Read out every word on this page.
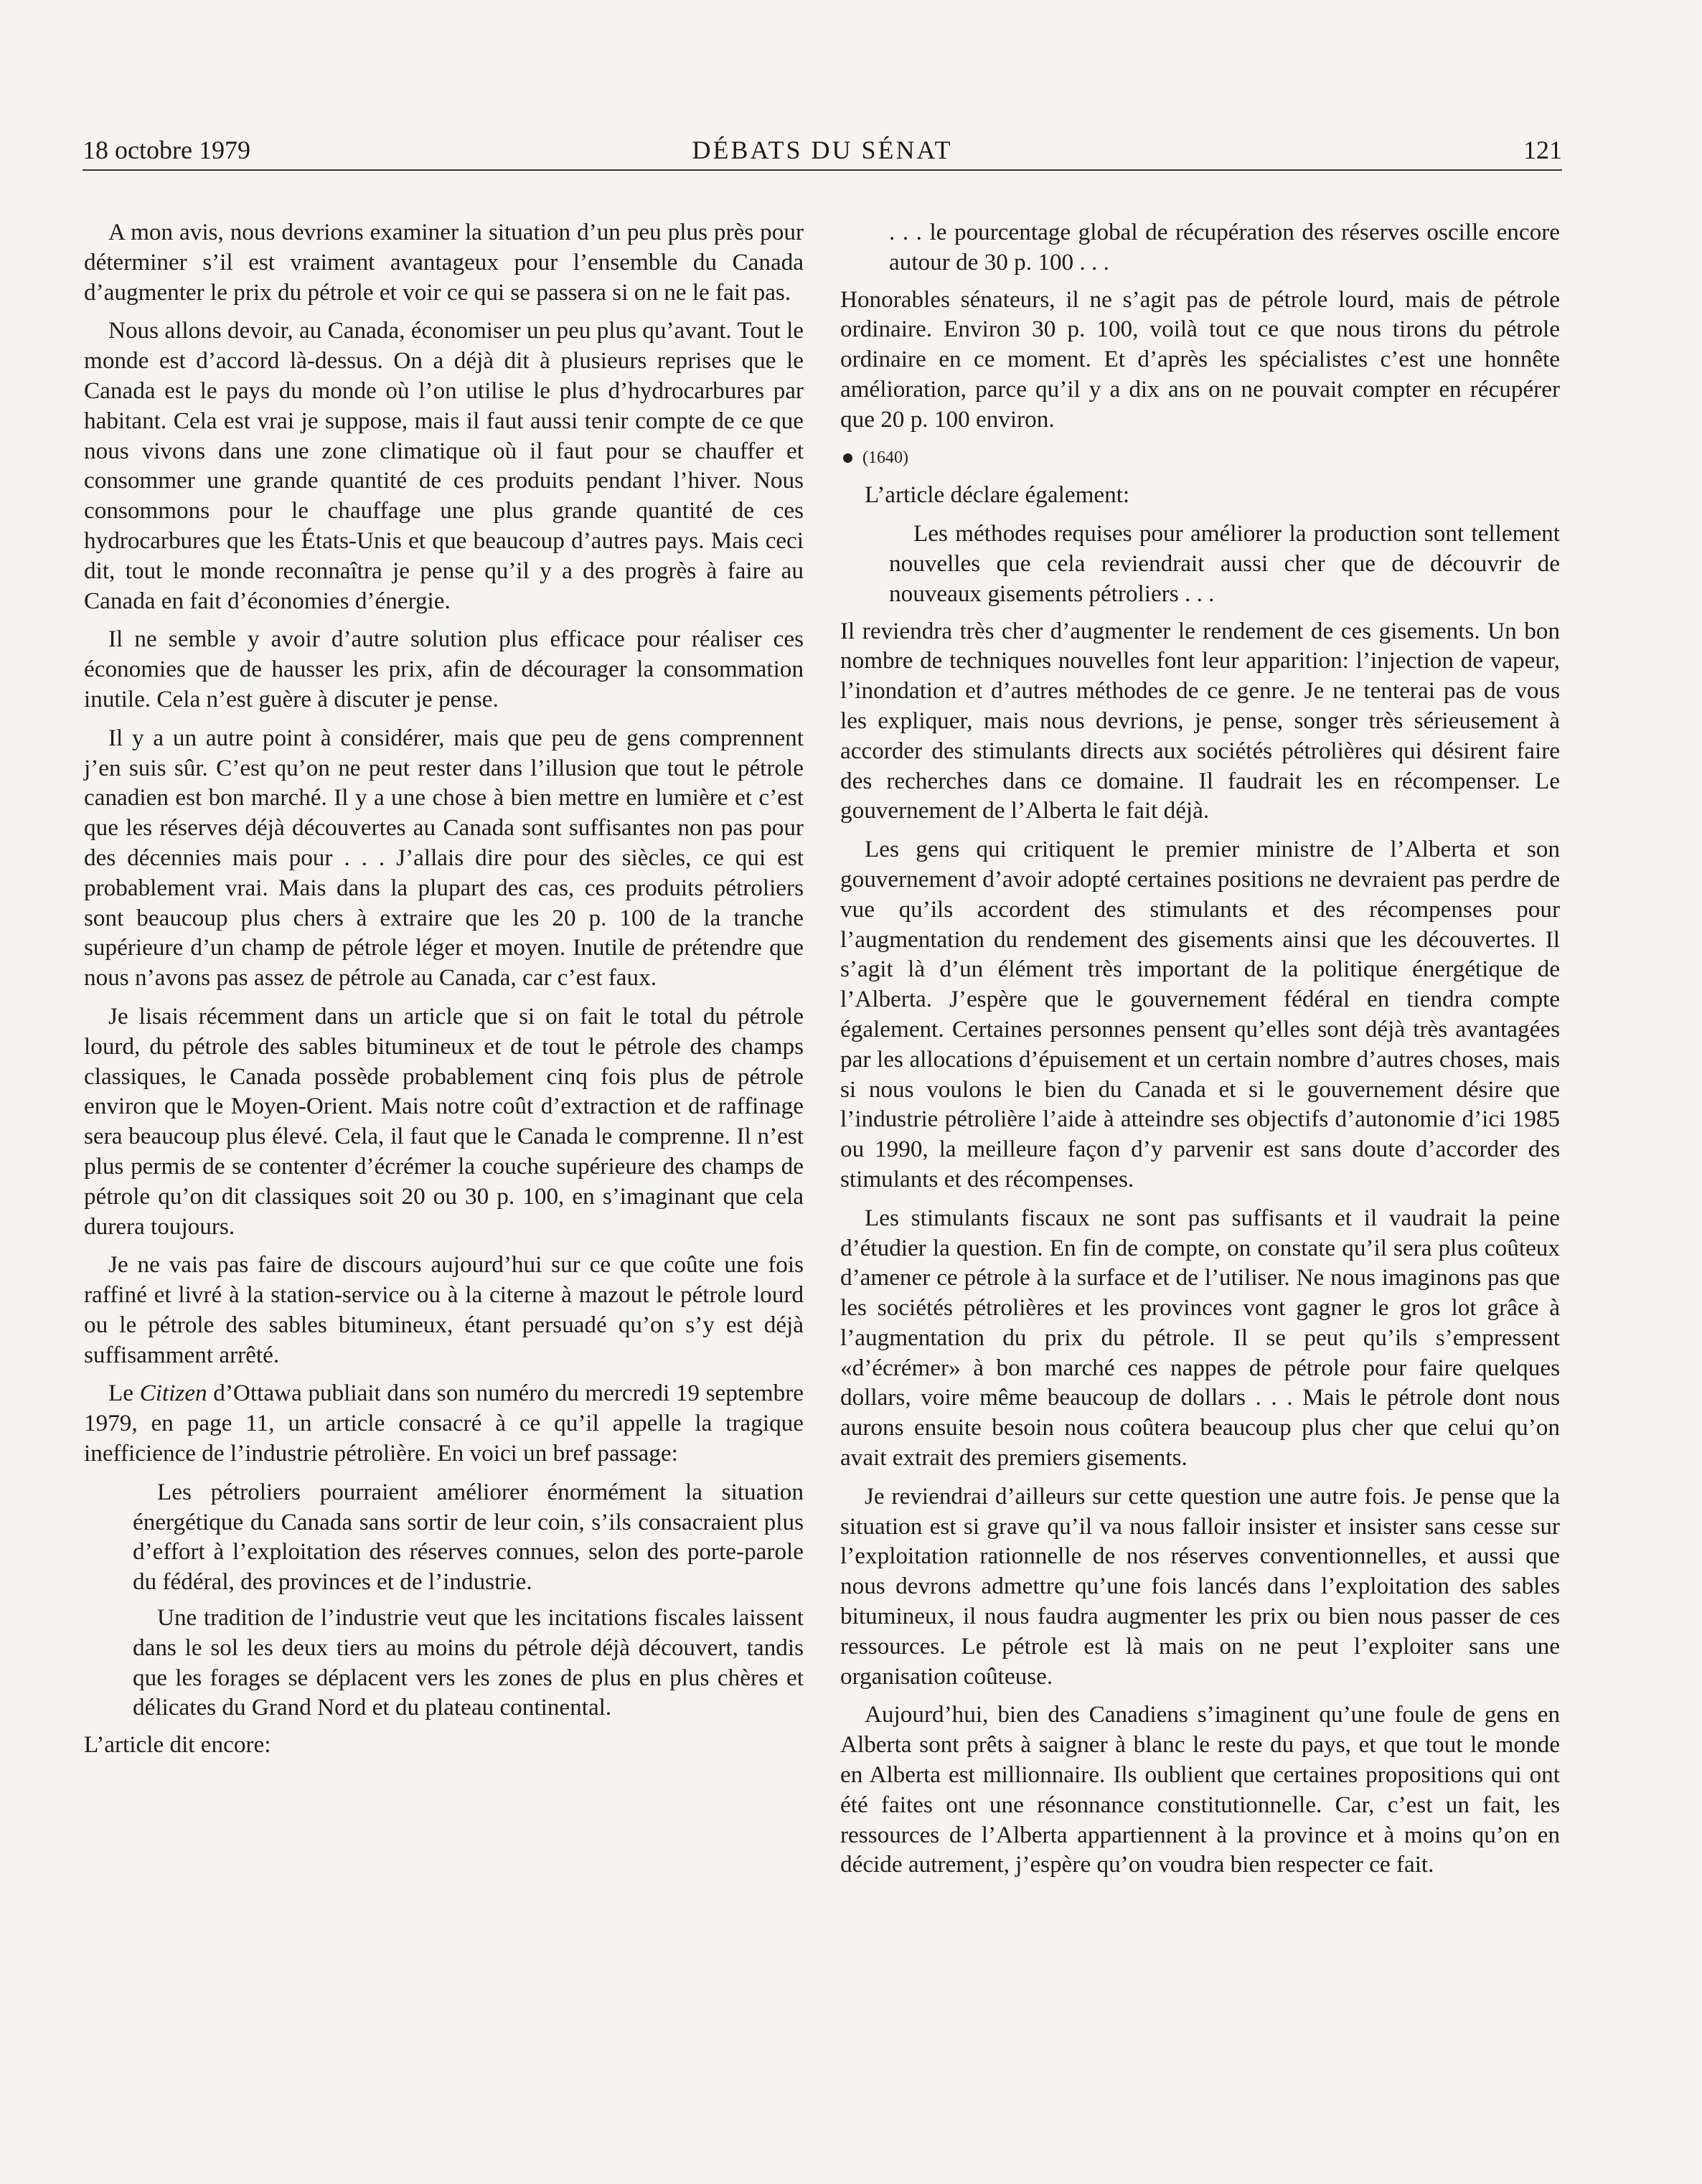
18 octobre 1979	DÉBATS DU SÉNAT	121

A mon avis, nous devrions examiner la situation d’un peu plus près pour déterminer s’il est vraiment avantageux pour l’ensemble du Canada d’augmenter le prix du pétrole et voir ce qui se passera si on ne le fait pas.

Nous allons devoir, au Canada, économiser un peu plus qu’avant. Tout le monde est d’accord là-dessus. On a déjà dit à plusieurs reprises que le Canada est le pays du monde où l’on utilise le plus d’hydrocarbures par habitant. Cela est vrai je suppose, mais il faut aussi tenir compte de ce que nous vivons dans une zone climatique où il faut pour se chauffer et consommer une grande quantité de ces produits pendant l’hiver. Nous consommons pour le chauffage une plus grande quantité de ces hydrocarbures que les États-Unis et que beaucoup d’autres pays. Mais ceci dit, tout le monde reconnaîtra je pense qu’il y a des progrès à faire au Canada en fait d’économies d’énergie.

Il ne semble y avoir d’autre solution plus efficace pour réaliser ces économies que de hausser les prix, afin de décourager la consommation inutile. Cela n’est guère à discuter je pense.

Il y a un autre point à considérer, mais que peu de gens comprennent j’en suis sûr. C’est qu’on ne peut rester dans l’illusion que tout le pétrole canadien est bon marché. Il y a une chose à bien mettre en lumière et c’est que les réserves déjà découvertes au Canada sont suffisantes non pas pour des décennies mais pour . . . J’allais dire pour des siècles, ce qui est probablement vrai. Mais dans la plupart des cas, ces produits pétroliers sont beaucoup plus chers à extraire que les 20 p. 100 de la tranche supérieure d’un champ de pétrole léger et moyen. Inutile de prétendre que nous n’avons pas assez de pétrole au Canada, car c’est faux.

Je lisais récemment dans un article que si on fait le total du pétrole lourd, du pétrole des sables bitumineux et de tout le pétrole des champs classiques, le Canada possède probablement cinq fois plus de pétrole environ que le Moyen-Orient. Mais notre coût d’extraction et de raffinage sera beaucoup plus élevé. Cela, il faut que le Canada le comprenne. Il n’est plus permis de se contenter d’écrémer la couche supérieure des champs de pétrole qu’on dit classiques soit 20 ou 30 p. 100, en s’imaginant que cela durera toujours.

Je ne vais pas faire de discours aujourd’hui sur ce que coûte une fois raffiné et livré à la station-service ou à la citerne à mazout le pétrole lourd ou le pétrole des sables bitumineux, étant persuadé qu’on s’y est déjà suffisamment arrêté.

Le Citizen d’Ottawa publiait dans son numéro du mercredi 19 septembre 1979, en page 11, un article consacré à ce qu’il appelle la tragique inefficience de l’industrie pétrolière. En voici un bref passage:

Les pétroliers pourraient améliorer énormément la situation énergétique du Canada sans sortir de leur coin, s’ils consacraient plus d’effort à l’exploitation des réserves connues, selon des porte-parole du fédéral, des provinces et de l’industrie.

Une tradition de l’industrie veut que les incitations fiscales laissent dans le sol les deux tiers au moins du pétrole déjà découvert, tandis que les forages se déplacent vers les zones de plus en plus chères et délicates du Grand Nord et du plateau continental.

L’article dit encore:

. . . le pourcentage global de récupération des réserves oscille encore autour de 30 p. 100 . . .

Honorables sénateurs, il ne s’agit pas de pétrole lourd, mais de pétrole ordinaire. Environ 30 p. 100, voilà tout ce que nous tirons du pétrole ordinaire en ce moment. Et d’après les spécialistes c’est une honnête amélioration, parce qu’il y a dix ans on ne pouvait compter en récupérer que 20 p. 100 environ.

(1640)

L’article déclare également:

Les méthodes requises pour améliorer la production sont tellement nouvelles que cela reviendrait aussi cher que de découvrir de nouveaux gisements pétroliers . . .

Il reviendra très cher d’augmenter le rendement de ces gisements. Un bon nombre de techniques nouvelles font leur apparition: l’injection de vapeur, l’inondation et d’autres méthodes de ce genre. Je ne tenterai pas de vous les expliquer, mais nous devrions, je pense, songer très sérieusement à accorder des stimulants directs aux sociétés pétrolières qui désirent faire des recherches dans ce domaine. Il faudrait les en récompenser. Le gouvernement de l’Alberta le fait déjà.

Les gens qui critiquent le premier ministre de l’Alberta et son gouvernement d’avoir adopté certaines positions ne devraient pas perdre de vue qu’ils accordent des stimulants et des récompenses pour l’augmentation du rendement des gisements ainsi que les découvertes. Il s’agit là d’un élément très important de la politique énergétique de l’Alberta. J’espère que le gouvernement fédéral en tiendra compte également. Certaines personnes pensent qu’elles sont déjà très avantagées par les allocations d’épuisement et un certain nombre d’autres choses, mais si nous voulons le bien du Canada et si le gouvernement désire que l’industrie pétrolière l’aide à atteindre ses objectifs d’autonomie d’ici 1985 ou 1990, la meilleure façon d’y parvenir est sans doute d’accorder des stimulants et des récompenses.

Les stimulants fiscaux ne sont pas suffisants et il vaudrait la peine d’étudier la question. En fin de compte, on constate qu’il sera plus coûteux d’amener ce pétrole à la surface et de l’utiliser. Ne nous imaginons pas que les sociétés pétrolières et les provinces vont gagner le gros lot grâce à l’augmentation du prix du pétrole. Il se peut qu’ils s’empressent «d’écrémer» à bon marché ces nappes de pétrole pour faire quelques dollars, voire même beaucoup de dollars . . . Mais le pétrole dont nous aurons ensuite besoin nous coûtera beaucoup plus cher que celui qu’on avait extrait des premiers gisements.

Je reviendrai d’ailleurs sur cette question une autre fois. Je pense que la situation est si grave qu’il va nous falloir insister et insister sans cesse sur l’exploitation rationnelle de nos réserves conventionnelles, et aussi que nous devrons admettre qu’une fois lancés dans l’exploitation des sables bitumineux, il nous faudra augmenter les prix ou bien nous passer de ces ressources. Le pétrole est là mais on ne peut l’exploiter sans une organisation coûteuse.

Aujourd’hui, bien des Canadiens s’imaginent qu’une foule de gens en Alberta sont prêts à saigner à blanc le reste du pays, et que tout le monde en Alberta est millionnaire. Ils oublient que certaines propositions qui ont été faites ont une résonnance constitutionnelle. Car, c’est un fait, les ressources de l’Alberta appartiennent à la province et à moins qu’on en décide autrement, j’espère qu’on voudra bien respecter ce fait.
